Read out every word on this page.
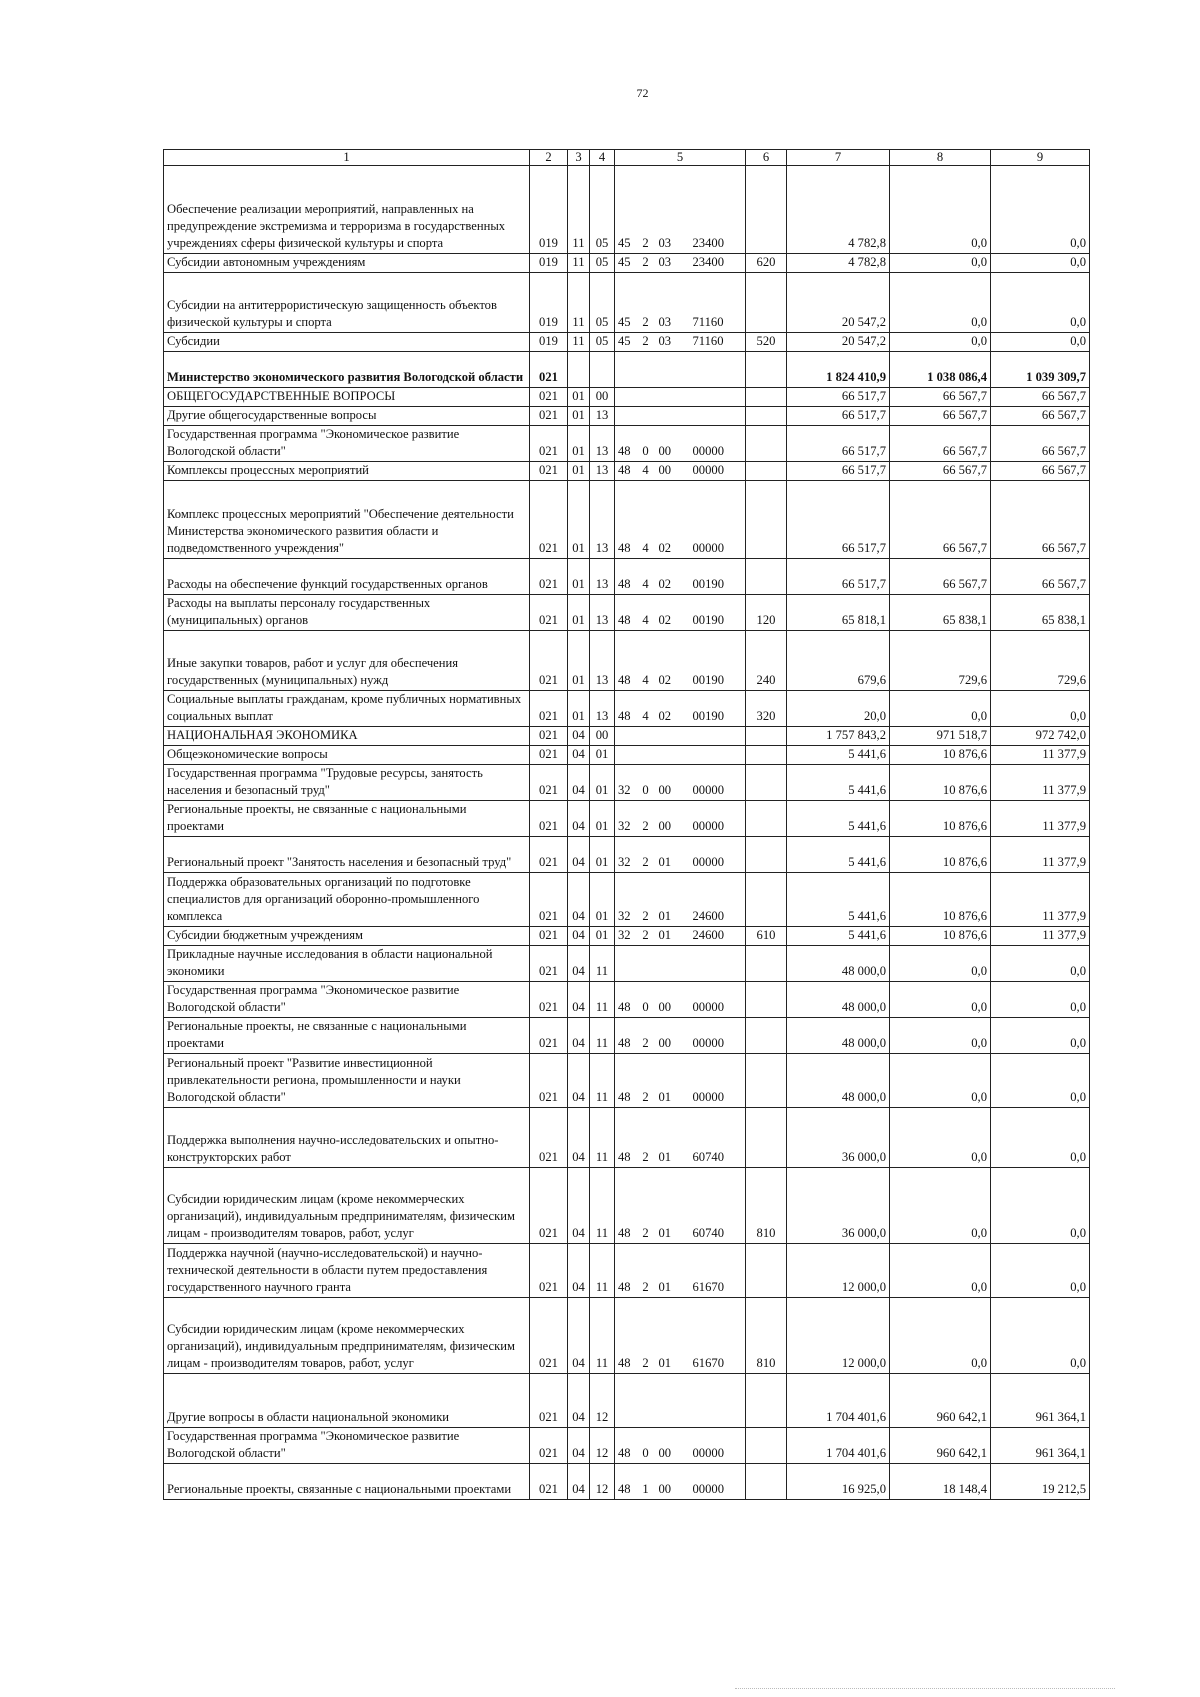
72
1	2	3	4	5				6	7	8	9
Обеспечение реализации мероприятий, направленных на предупреждение экстремизма и терроризма в государственных учреждениях сферы физической культуры и спорта	019	11	05	45	2	03	23400		4 782,8	0,0	0,0
Субсидии автономным учреждениям	019	11	05	45	2	03	23400	620	4 782,8	0,0	0,0
Субсидии на антитеррористическую защищенность объектов физической культуры и спорта	019	11	05	45	2	03	71160		20 547,2	0,0	0,0
Субсидии	019	11	05	45	2	03	71160	520	20 547,2	0,0	0,0
Министерство экономического развития Вологодской области	021								1 824 410,9	1 038 086,4	1 039 309,7
ОБЩЕГОСУДАРСТВЕННЫЕ ВОПРОСЫ	021	01	00						66 517,7	66 567,7	66 567,7
Другие общегосударственные вопросы	021	01	13						66 517,7	66 567,7	66 567,7
Государственная программа "Экономическое развитие Вологодской области"	021	01	13	48	0	00	00000		66 517,7	66 567,7	66 567,7
Комплексы процессных мероприятий	021	01	13	48	4	00	00000		66 517,7	66 567,7	66 567,7
Комплекс процессных мероприятий "Обеспечение деятельности Министерства экономического развития области и подведомственного учреждения"	021	01	13	48	4	02	00000		66 517,7	66 567,7	66 567,7
Расходы на обеспечение функций государственных органов	021	01	13	48	4	02	00190		66 517,7	66 567,7	66 567,7
Расходы на выплаты персоналу государственных (муниципальных) органов	021	01	13	48	4	02	00190	120	65 818,1	65 838,1	65 838,1
Иные закупки товаров, работ и услуг для обеспечения государственных (муниципальных) нужд	021	01	13	48	4	02	00190	240	679,6	729,6	729,6
Социальные выплаты гражданам, кроме публичных нормативных социальных выплат	021	01	13	48	4	02	00190	320	20,0	0,0	0,0
НАЦИОНАЛЬНАЯ ЭКОНОМИКА	021	04	00						1 757 843,2	971 518,7	972 742,0
Общеэкономические вопросы	021	04	01						5 441,6	10 876,6	11 377,9
Государственная программа "Трудовые ресурсы, занятость населения и безопасный труд"	021	04	01	32	0	00	00000		5 441,6	10 876,6	11 377,9
Региональные проекты, не связанные с национальными проектами	021	04	01	32	2	00	00000		5 441,6	10 876,6	11 377,9
Региональный проект "Занятость населения и безопасный труд"	021	04	01	32	2	01	00000		5 441,6	10 876,6	11 377,9
Поддержка образовательных организаций по подготовке специалистов для организаций оборонно-промышленного комплекса	021	04	01	32	2	01	24600		5 441,6	10 876,6	11 377,9
Субсидии бюджетным учреждениям	021	04	01	32	2	01	24600	610	5 441,6	10 876,6	11 377,9
Прикладные научные исследования в области национальной экономики	021	04	11						48 000,0	0,0	0,0
Государственная программа "Экономическое развитие Вологодской области"	021	04	11	48	0	00	00000		48 000,0	0,0	0,0
Региональные проекты, не связанные с национальными проектами	021	04	11	48	2	00	00000		48 000,0	0,0	0,0
Региональный проект "Развитие инвестиционной привлекательности региона, промышленности и науки Вологодской области"	021	04	11	48	2	01	00000		48 000,0	0,0	0,0
Поддержка выполнения научно-исследовательских и опытно-конструкторских работ	021	04	11	48	2	01	60740		36 000,0	0,0	0,0
Субсидии юридическим лицам (кроме некоммерческих организаций), индивидуальным предпринимателям, физическим лицам - производителям товаров, работ, услуг	021	04	11	48	2	01	60740	810	36 000,0	0,0	0,0
Поддержка научной (научно-исследовательской) и научно-технической деятельности в области путем предоставления государственного научного гранта	021	04	11	48	2	01	61670		12 000,0	0,0	0,0
Субсидии юридическим лицам (кроме некоммерческих организаций), индивидуальным предпринимателям, физическим лицам - производителям товаров, работ, услуг	021	04	11	48	2	01	61670	810	12 000,0	0,0	0,0
Другие вопросы в области национальной экономики	021	04	12						1 704 401,6	960 642,1	961 364,1
Государственная программа "Экономическое развитие Вологодской области"	021	04	12	48	0	00	00000		1 704 401,6	960 642,1	961 364,1
Региональные проекты, связанные с национальными проектами	021	04	12	48	1	00	00000		16 925,0	18 148,4	19 212,5
